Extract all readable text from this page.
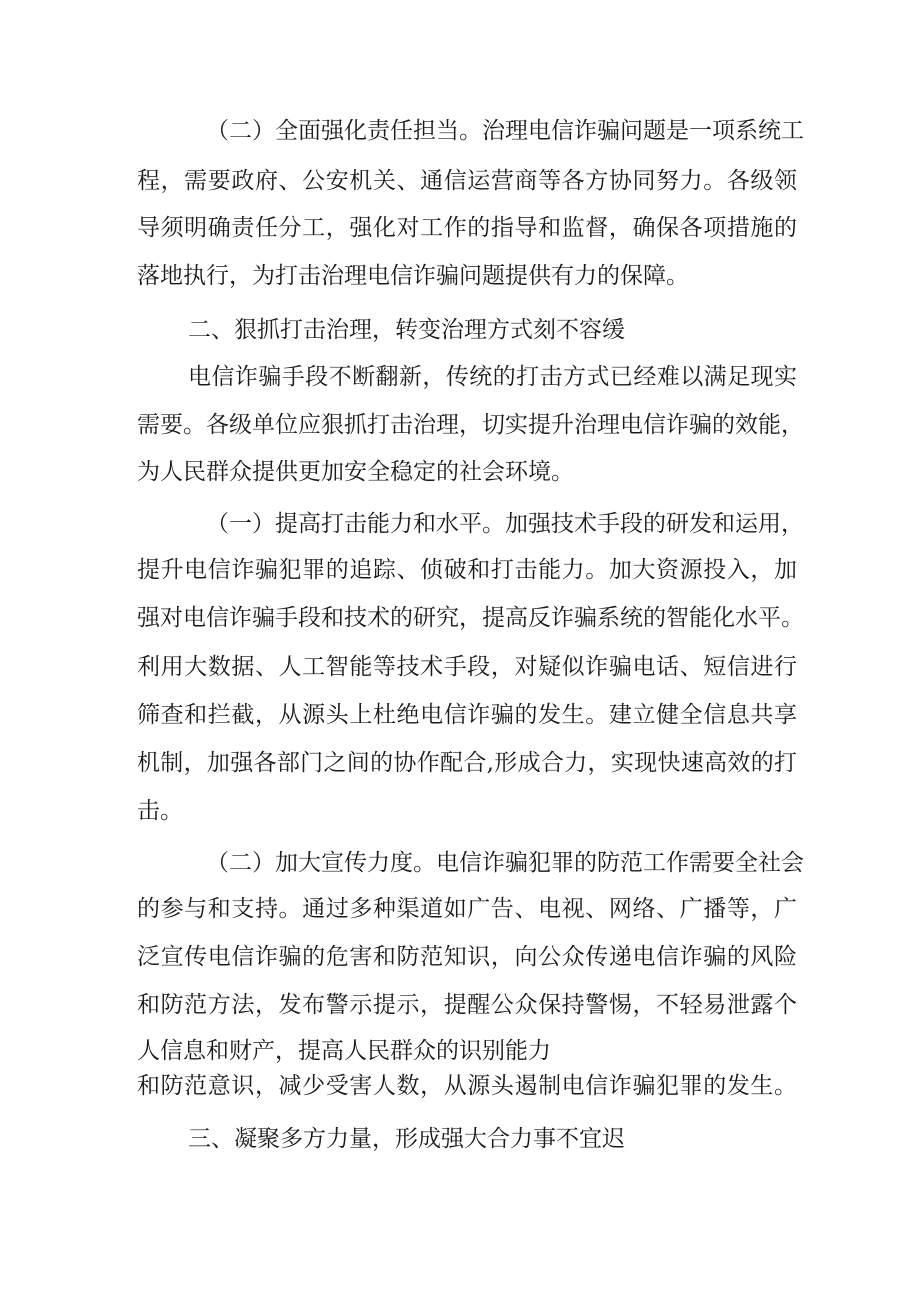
（二）全面强化责任担当。治理电信诈骗问题是一项系统工
程，需要政府、公安机关、通信运营商等各方协同努力。各级领
导须明确责任分工，强化对工作的指导和监督，确保各项措施的
落地执行，为打击治理电信诈骗问题提供有力的保障。
二、狠抓打击治理，转变治理方式刻不容缓
电信诈骗手段不断翻新，传统的打击方式已经难以满足现实
需要。各级单位应狠抓打击治理，切实提升治理电信诈骗的效能，
为人民群众提供更加安全稳定的社会环境。
（一）提高打击能力和水平。加强技术手段的研发和运用，
提升电信诈骗犯罪的追踪、侦破和打击能力。加大资源投入，加
强对电信诈骗手段和技术的研究，提高反诈骗系统的智能化水平。
利用大数据、人工智能等技术手段，对疑似诈骗电话、短信进行
筛查和拦截，从源头上杜绝电信诈骗的发生。建立健全信息共享
机制，加强各部门之间的协作配合,形成合力，实现快速高效的打
击。
（二）加大宣传力度。电信诈骗犯罪的防范工作需要全社会
的参与和支持。通过多种渠道如广告、电视、网络、广播等，广
泛宣传电信诈骗的危害和防范知识，向公众传递电信诈骗的风险
和防范方法，发布警示提示，提醒公众保持警惕，不轻易泄露个
人信息和财产，提高人民群众的识别能力
和防范意识，减少受害人数，从源头遏制电信诈骗犯罪的发生。
三、凝聚多方力量，形成强大合力事不宜迟
